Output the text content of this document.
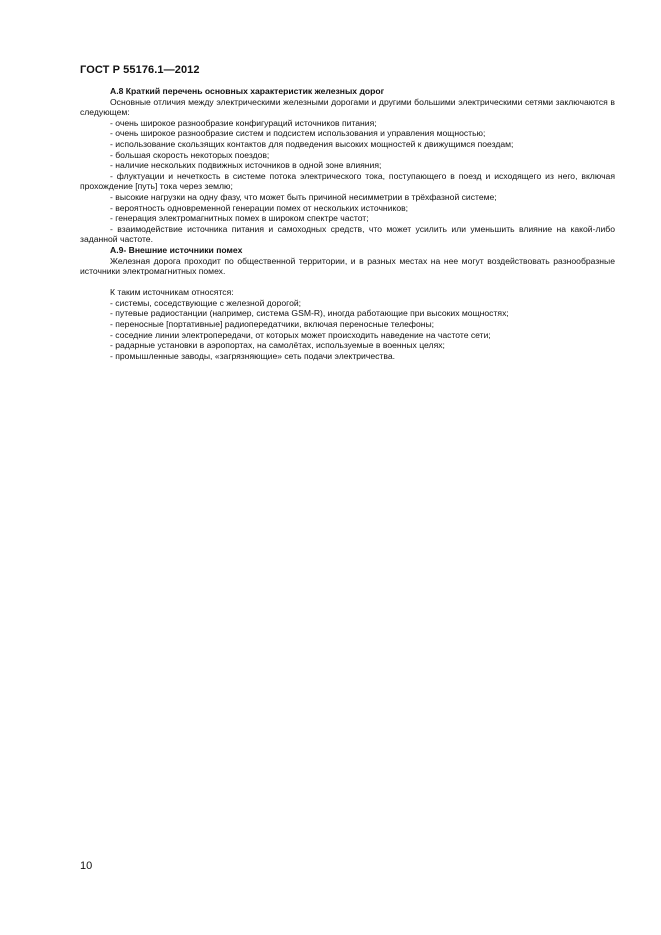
ГОСТ Р 55176.1—2012

А.8 Краткий перечень основных характеристик железных дорог

Основные отличия между электрическими железными дорогами и другими большими электрическими сетями заключаются в следующем:

- очень широкое разнообразие конфигураций источников питания;

- очень широкое разнообразие систем и подсистем использования и управления мощностью;

- использование скользящих контактов для подведения высоких мощностей к движущимся поездам;

- большая скорость некоторых поездов;

- наличие нескольких подвижных источников в одной зоне влияния;

- флуктуации и нечеткость в системе потока электрического тока, поступающего в поезд и исходящего из него, включая прохождение [путь] тока через землю;

- высокие нагрузки на одну фазу, что может быть причиной несимметрии в трёхфазной системе;

- вероятность одновременной генерации помех от нескольких источников;

- генерация электромагнитных помех в широком спектре частот;

- взаимодействие источника питания и самоходных средств, что может усилить или уменьшить влияние на какой-либо заданной частоте.

А.9- Внешние источники помех

Железная дорога проходит по общественной территории, и в разных местах на нее могут воздействовать разнообразные источники электромагнитных помех.

К таким источникам относятся:

- системы, соседствующие с железной дорогой;

- путевые радиостанции (например, система GSM-R), иногда работающие при высоких мощностях;

- переносные [портативные] радиопередатчики, включая переносные телефоны;

- соседние линии электропередачи, от которых может происходить наведение на частоте сети;

- радарные установки в аэропортах, на самолётах, используемые в военных целях;

- промышленные заводы, «загрязняющие» сеть подачи электричества.

10
